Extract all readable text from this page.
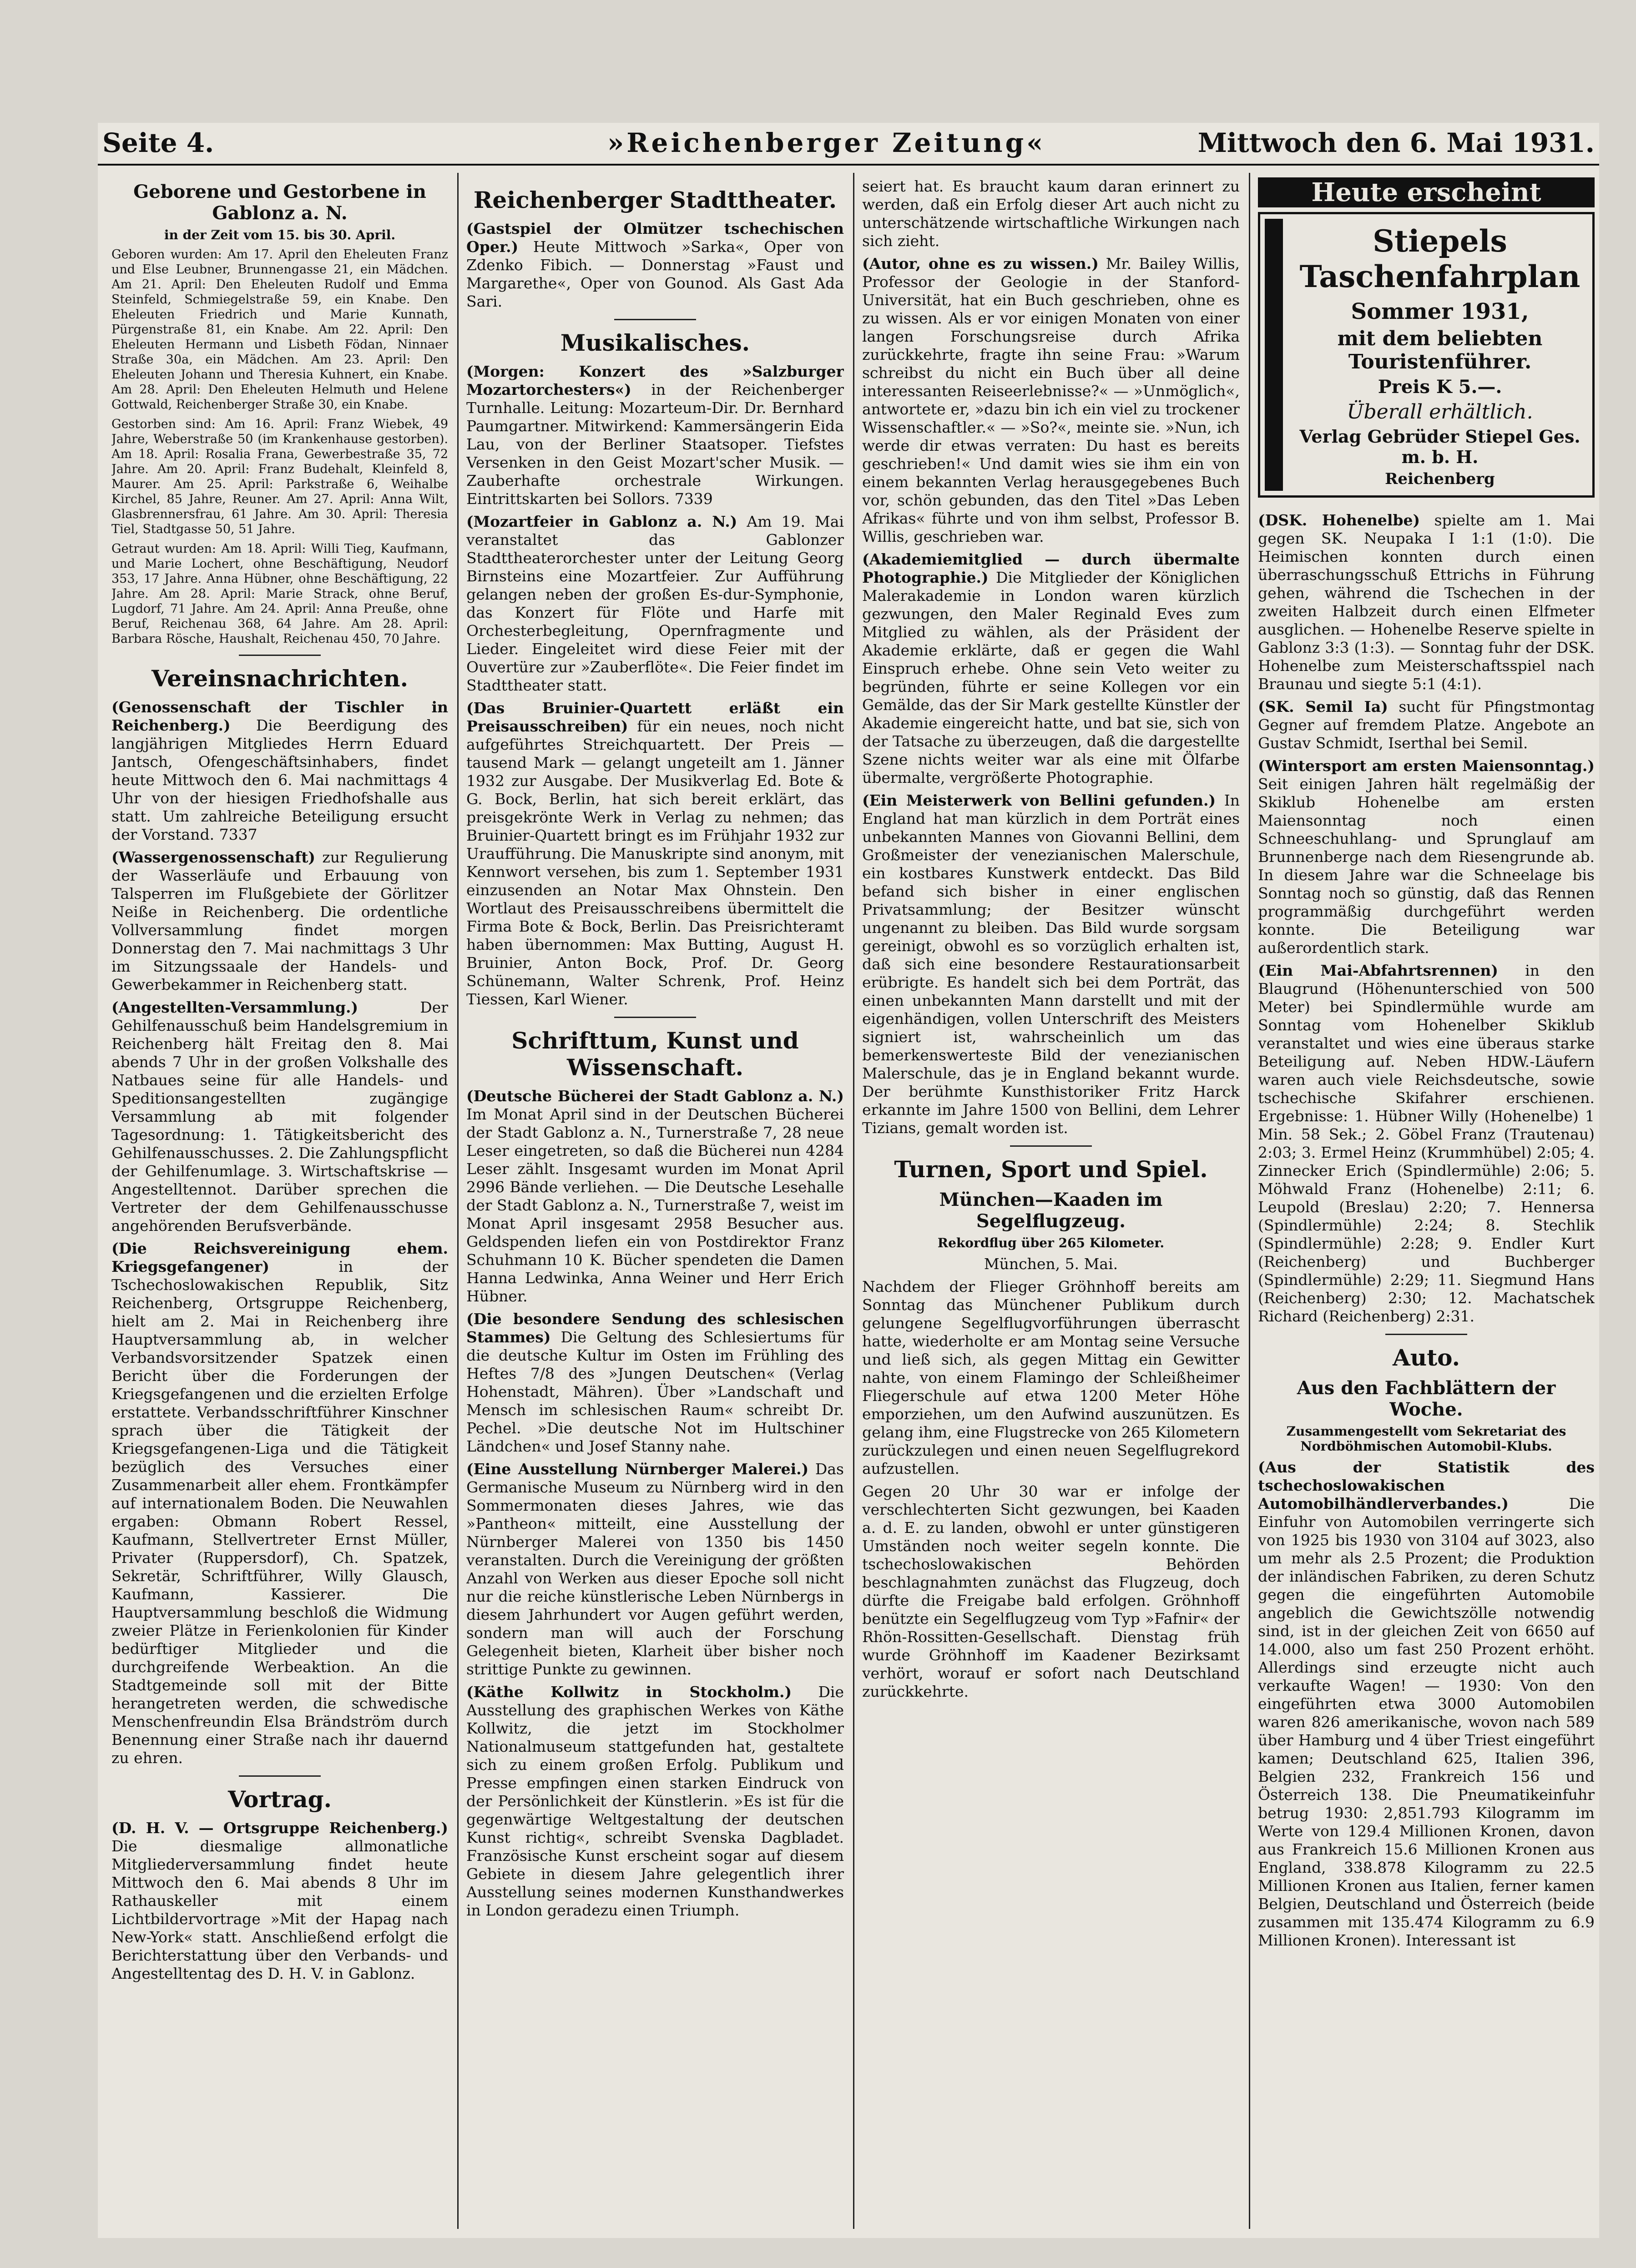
Seite 4.	»Reichenberger Zeitung«	Mittwoch den 6. Mai 1931.
Geborene und Gestorbene in Gablonz a. N.
in der Zeit vom 15. bis 30. April.

Geboren wurden: Am 17. April den Eheleuten Franz und Else Leubner, Brunnengasse 21, ein Mädchen. Am 21. April: Den Eheleuten Rudolf und Emma Steinfeld, Schmiegelstraße 59, ein Knabe. Den Eheleuten Friedrich und Marie Kunnath, Pürgenstraße 81, ein Knabe. Am 22. April: Den Eheleuten Hermann und Lisbeth Födan, Ninnaer Straße 30a, ein Mädchen. Am 23. April: Den Eheleuten Johann und Theresia Kuhnert, ein Knabe. Am 28. April: Den Eheleuten Helmuth und Helene Gottwald, Reichenberger Straße 30, ein Knabe.

Gestorben sind: Am 16. April: Franz Wiebek, 49 Jahre, Weberstraße 50 (im Krankenhause gestorben). Am 18. April: Rosalia Frana, Gewerbestraße 35, 72 Jahre. Am 20. April: Franz Budehalt, Kleinfeld 8, Maurer. Am 25. April: Parkstraße 6, Weihalbe Kirchel, 85 Jahre, Reuner. Am 27. April: Anna Wilt, Glasbrennersfrau, 61 Jahre. Am 30. April: Theresia Tiel, Stadtgasse 50, 51 Jahre.

Getraut wurden: Am 18. April: Willi Tieg, Kaufmann, und Marie Lochert, ohne Beschäftigung, Neudorf 353, 17 Jahre. Anna Hübner, ohne Beschäftigung, 22 Jahre. Am 28. April: Marie Strack, ohne Beruf, Lugdorf, 71 Jahre. Am 24. April: Anna Preuße, ohne Beruf, Reichenau 368, 64 Jahre. Am 28. April: Barbara Rösche, Haushalt, Reichenau 450, 70 Jahre.

Vereinsnachrichten.

(Genossenschaft der Tischler in Reichenberg.) Die Beerdigung des langjährigen Mitgliedes Herrn Eduard Jantsch, Ofengeschäftsinhabers, findet heute Mittwoch den 6. Mai nachmittags 4 Uhr von der hiesigen Friedhofshalle aus statt. Um zahlreiche Beteiligung ersucht der Vorstand. 7337

(Wassergenossenschaft) zur Regulierung der Wasserläufe und Erbauung von Talsperren im Flußgebiete der Görlitzer Neiße in Reichenberg. Die ordentliche Vollversammlung findet morgen Donnerstag den 7. Mai nachmittags 3 Uhr im Sitzungssaale der Handels- und Gewerbekammer in Reichenberg statt.

(Angestellten-Versammlung.)	Der Gehilfenausschuß beim Handelsgremium in Reichenberg hält Freitag den 8. Mai abends 7 Uhr in der großen Volkshalle des Natbaues seine für alle Handels- und Speditionsangestellten zugängige Versammlung ab mit folgender Tagesordnung: 1. Tätigkeitsbericht des Gehilfenausschusses. 2. Die Zahlungspflicht der Gehilfenumlage. 3. Wirtschaftskrise — Angestelltennot. Darüber sprechen die Vertreter der dem Gehilfenausschusse angehörenden Berufsverbände.

(Die Reichsvereinigung ehem. Kriegsgefangener)	in der Tschechoslowakischen Republik, Sitz Reichenberg, Ortsgruppe Reichenberg, hielt am 2. Mai in Reichenberg ihre Hauptversammlung ab, in welcher Verbandsvorsitzender Spatzek einen Bericht über die Forderungen der Kriegsgefangenen und die erzielten Erfolge erstattete. Verbandsschriftführer Kinschner sprach über die Tätigkeit der Kriegsgefangenen-Liga und die Tätigkeit bezüglich des Versuches einer Zusammenarbeit aller ehem. Frontkämpfer auf internationalem Boden. Die Neuwahlen ergaben: Obmann Robert Ressel, Kaufmann, Stellvertreter Ernst Müller, Privater (Ruppersdorf), Ch. Spatzek, Sekretär, Schriftführer, Willy Glausch, Kaufmann, Kassierer. Die Hauptversammlung beschloß die Widmung zweier Plätze in Ferienkolonien für Kinder bedürftiger Mitglieder und die durchgreifende Werbeaktion. An die Stadtgemeinde soll mit der Bitte herangetreten werden, die schwedische Menschenfreundin Elsa Brändström durch Benennung einer Straße nach ihr dauernd zu ehren.

Vortrag.

(D. H. V. — Ortsgruppe Reichenberg.) Die diesmalige allmonatliche Mitgliederversammlung findet heute Mittwoch den 6. Mai abends 8 Uhr im Rathauskeller mit einem Lichtbildervortrage »Mit der Hapag nach New-York« statt. Anschließend erfolgt die Berichterstattung über den Verbands- und Angestelltentag des D. H. V. in Gablonz.

Reichenberger Stadttheater.

(Gastspiel der Olmützer tschechischen Oper.) Heute Mittwoch »Sarka«, Oper von Zdenko Fibich. — Donnerstag »Faust und Margarethe«, Oper von Gounod. Als Gast Ada Sari.

Musikalisches.

(Morgen: Konzert des »Salzburger Mozartorchesters«) in der Reichenberger Turnhalle. Leitung: Mozarteum-Dir. Dr. Bernhard Paumgartner. Mitwirkend: Kammersängerin Eida Lau, von der Berliner Staatsoper. Tiefstes Versenken in den Geist Mozart'scher Musik. — Zauberhafte orchestrale Wirkungen. Eintrittskarten bei Sollors. 7339

(Mozartfeier in Gablonz a. N.) Am 19. Mai veranstaltet das Gablonzer Stadttheaterorchester unter der Leitung Georg Birnsteins eine Mozartfeier. Zur Aufführung gelangen neben der großen Es-dur-Symphonie, das Konzert für Flöte und Harfe mit Orchesterbegleitung, Opernfragmente und Lieder. Eingeleitet wird diese Feier mit der Ouvertüre zur »Zauberflöte«. Die Feier findet im Stadttheater statt.

(Das Bruinier-Quartett erläßt ein Preisausschreiben) für ein neues, noch nicht aufgeführtes Streichquartett. Der Preis — tausend Mark — gelangt ungeteilt am 1. Jänner 1932 zur Ausgabe. Der Musikverlag Ed. Bote & G. Bock, Berlin, hat sich bereit erklärt, das preisgekrönte Werk in Verlag zu nehmen; das Bruinier-Quartett bringt es im Frühjahr 1932 zur Uraufführung. Die Manuskripte sind anonym, mit Kennwort versehen, bis zum 1. September 1931 einzusenden an Notar Max Ohnstein. Den Wortlaut des Preisausschreibens übermittelt die Firma Bote & Bock, Berlin. Das Preisrichteramt haben übernommen: Max Butting, August H. Bruinier, Anton Bock, Prof. Dr. Georg Schünemann, Walter Schrenk, Prof. Heinz Tiessen, Karl Wiener.

Schrifttum, Kunst und Wissenschaft.

(Deutsche Bücherei der Stadt Gablonz a. N.) Im Monat April sind in der Deutschen Bücherei der Stadt Gablonz a. N., Turnerstraße 7, 28 neue Leser eingetreten, so daß die Bücherei nun 4284 Leser zählt. Insgesamt wurden im Monat April 2996 Bände verliehen. — Die Deutsche Lesehalle der Stadt Gablonz a. N., Turnerstraße 7, weist im Monat April insgesamt 2958 Besucher aus. Geldspenden liefen ein von Postdirektor Franz Schuhmann 10 K. Bücher spendeten die Damen Hanna Ledwinka, Anna Weiner und Herr Erich Hübner.

(Die besondere Sendung des schlesischen Stammes) Die Geltung des Schlesiertums für die deutsche Kultur im Osten im Frühling des Heftes 7/8 des »Jungen Deutschen« (Verlag Hohenstadt, Mähren). Über »Landschaft und Mensch im schlesischen Raum« schreibt Dr. Pechel. »Die deutsche Not im Hultschiner Ländchen« und Josef Stanny nahe.

(Eine Ausstellung Nürnberger Malerei.) Das Germanische Museum zu Nürnberg wird in den Sommermonaten dieses Jahres, wie das »Pantheon« mitteilt, eine Ausstellung der Nürnberger Malerei von 1350 bis 1450 veranstalten. Durch die Vereinigung der größten Anzahl von Werken aus dieser Epoche soll nicht nur die reiche künstlerische Leben Nürnbergs in diesem Jahrhundert vor Augen geführt werden, sondern man will auch der Forschung Gelegenheit bieten, Klarheit über bisher noch strittige Punkte zu gewinnen.

(Käthe Kollwitz in Stockholm.) Die Ausstellung des graphischen Werkes von Käthe Kollwitz, die jetzt im Stockholmer Nationalmuseum stattgefunden hat, gestaltete sich zu einem großen Erfolg. Publikum und Presse empfingen einen starken Eindruck von der Persönlichkeit der Künstlerin. »Es ist für die gegenwärtige Weltgestaltung der deutschen Kunst richtig«, schreibt Svenska Dagbladet. Französische Kunst erscheint sogar auf diesem Gebiete in diesem Jahre gelegentlich ihrer Ausstellung seines modernen Kunsthandwerkes in London geradezu einen Triumph.

seiert hat. Es braucht kaum daran erinnert zu werden, daß ein Erfolg dieser Art auch nicht zu unterschätzende wirtschaftliche Wirkungen nach sich zieht.

(Autor, ohne es zu wissen.) Mr. Bailey Willis, Professor der Geologie in der Stanford-Universität, hat ein Buch geschrieben, ohne es zu wissen. Als er vor einigen Monaten von einer langen Forschungsreise durch Afrika zurückkehrte, fragte ihn seine Frau: »Warum schreibst du nicht ein Buch über all deine interessanten Reiseerlebnisse?« — »Unmöglich«, antwortete er, »dazu bin ich ein viel zu trockener Wissenschaftler.« — »So?«, meinte sie. »Nun, ich werde dir etwas verraten: Du hast es bereits geschrieben!« Und damit wies sie ihm ein von einem bekannten Verlag herausgegebenes Buch vor, schön gebunden, das den Titel »Das Leben Afrikas« führte und von ihm selbst, Professor B. Willis, geschrieben war.

(Akademiemitglied — durch übermalte Photographie.) Die Mitglieder der Königlichen Malerakademie in London waren kürzlich gezwungen, den Maler Reginald Eves zum Mitglied zu wählen, als der Präsident der Akademie erklärte, daß er gegen die Wahl Einspruch erhebe. Ohne sein Veto weiter zu begründen, führte er seine Kollegen vor ein Gemälde, das der Sir Mark gestellte Künstler der Akademie eingereicht hatte, und bat sie, sich von der Tatsache zu überzeugen, daß die dargestellte Szene nichts weiter war als eine mit Ölfarbe übermalte, vergrößerte Photographie.

(Ein Meisterwerk von Bellini gefunden.) In England hat man kürzlich in dem Porträt eines unbekannten Mannes von Giovanni Bellini, dem Großmeister der venezianischen Malerschule, ein kostbares Kunstwerk entdeckt. Das Bild befand sich bisher in einer englischen Privatsammlung; der Besitzer wünscht ungenannt zu bleiben. Das Bild wurde sorgsam gereinigt, obwohl es so vorzüglich erhalten ist, daß sich eine besondere Restaurationsarbeit erübrigte. Es handelt sich bei dem Porträt, das einen unbekannten Mann darstellt und mit der eigenhändigen, vollen Unterschrift des Meisters signiert ist, wahrscheinlich um das bemerkenswerteste Bild der venezianischen Malerschule, das je in England bekannt wurde. Der berühmte Kunsthistoriker Fritz Harck erkannte im Jahre 1500 von Bellini, dem Lehrer Tizians, gemalt worden ist.

Turnen, Sport und Spiel.
München—Kaaden im Segelflugzeug.
Rekordflug über 265 Kilometer.

München, 5. Mai.

Nachdem der Flieger Gröhnhoff bereits am Sonntag das Münchener Publikum durch gelungene Segelflugvorführungen überrascht hatte, wiederholte er am Montag seine Versuche und ließ sich, als gegen Mittag ein Gewitter nahte, von einem Flamingo der Schleißheimer Fliegerschule auf etwa 1200 Meter Höhe emporziehen, um den Aufwind auszunützen. Es gelang ihm, eine Flugstrecke von 265 Kilometern zurückzulegen und einen neuen Segelflugrekord aufzustellen.

Gegen 20 Uhr 30 war er infolge der verschlechterten Sicht gezwungen, bei Kaaden a. d. E. zu landen, obwohl er unter günstigeren Umständen noch weiter segeln konnte. Die tschechoslowakischen Behörden beschlagnahmten zunächst das Flugzeug, doch dürfte die Freigabe bald erfolgen. Gröhnhoff benützte ein Segelflugzeug vom Typ »Fafnir« der Rhön-Rossitten-Gesellschaft. Dienstag früh wurde Gröhnhoff im Kaadener Bezirksamt verhört, worauf er sofort nach Deutschland zurückkehrte.

Heute erscheint
Stiepels Taschenfahrplan
Sommer 1931,
mit dem beliebten Touristenführer.
Preis K 5.—.
Überall erhältlich.
Verlag Gebrüder Stiepel Ges. m. b. H.
Reichenberg

(DSK. Hohenelbe) spielte am 1. Mai gegen SK. Neupaka I 1:1 (1:0). Die Heimischen konnten durch einen überraschungsschuß Ettrichs in Führung gehen, während die Tschechen in der zweiten Halbzeit durch einen Elfmeter ausglichen. — Hohenelbe Reserve spielte in Gablonz 3:3 (1:3). — Sonntag fuhr der DSK. Hohenelbe zum Meisterschaftsspiel nach Braunau und siegte 5:1 (4:1).

(SK. Semil Ia) sucht für Pfingstmontag Gegner auf fremdem Platze. Angebote an Gustav Schmidt, Iserthal bei Semil.

(Wintersport am ersten Maiensonntag.) Seit einigen Jahren hält regelmäßig der Skiklub Hohenelbe am ersten Maiensonntag noch einen Schneeschuhlang- und Sprunglauf am Brunnenberge nach dem Riesengrunde ab. In diesem Jahre war die Schneelage bis Sonntag noch so günstig, daß das Rennen programmäßig durchgeführt werden konnte. Die Beteiligung war außerordentlich stark.

(Ein Mai-Abfahrtsrennen) in den Blaugrund (Höhenunterschied von 500 Meter) bei Spindlermühle wurde am Sonntag vom Hohenelber Skiklub veranstaltet und wies eine überaus starke Beteiligung auf. Neben HDW.-Läufern waren auch viele Reichsdeutsche, sowie tschechische Skifahrer erschienen. Ergebnisse: 1. Hübner Willy (Hohenelbe) 1 Min. 58 Sek.; 2. Göbel Franz (Trautenau) 2:03; 3. Ermel Heinz (Krummhübel) 2:05; 4. Zinnecker Erich (Spindlermühle) 2:06; 5. Möhwald Franz (Hohenelbe) 2:11; 6. Leupold (Breslau) 2:20; 7. Hennersa (Spindlermühle) 2:24; 8. Stechlik (Spindlermühle) 2:28; 9. Endler Kurt (Reichenberg) und Buchberger (Spindlermühle) 2:29; 11. Siegmund Hans (Reichenberg) 2:30; 12. Machatschek Richard (Reichenberg) 2:31.

Auto.
Aus den Fachblättern der Woche.
Zusammengestellt vom Sekretariat des Nordböhmischen Automobil-Klubs.

(Aus der Statistik des tschechoslowakischen Automobilhändlerverbandes.)	Die Einfuhr von Automobilen verringerte sich von 1925 bis 1930 von 3104 auf 3023, also um mehr als 2.5 Prozent; die Produktion der inländischen Fabriken, zu deren Schutz gegen die eingeführten Automobile angeblich die Gewichtszölle notwendig sind, ist in der gleichen Zeit von 6650 auf 14.000, also um fast 250 Prozent erhöht. Allerdings sind erzeugte nicht auch verkaufte Wagen! — 1930: Von den eingeführten etwa 3000 Automobilen waren 826 amerikanische, wovon nach 589 über Hamburg und 4 über Triest eingeführt kamen; Deutschland 625, Italien 396, Belgien 232, Frankreich 156 und Österreich 138. Die Pneumatikeinfuhr betrug 1930: 2,851.793 Kilogramm im Werte von 129.4 Millionen Kronen, davon aus Frankreich 15.6 Millionen Kronen aus England, 338.878 Kilogramm zu 22.5 Millionen Kronen aus Italien, ferner kamen Belgien, Deutschland und Österreich (beide zusammen mit 135.474 Kilogramm zu 6.9 Millionen Kronen). Interessant ist
